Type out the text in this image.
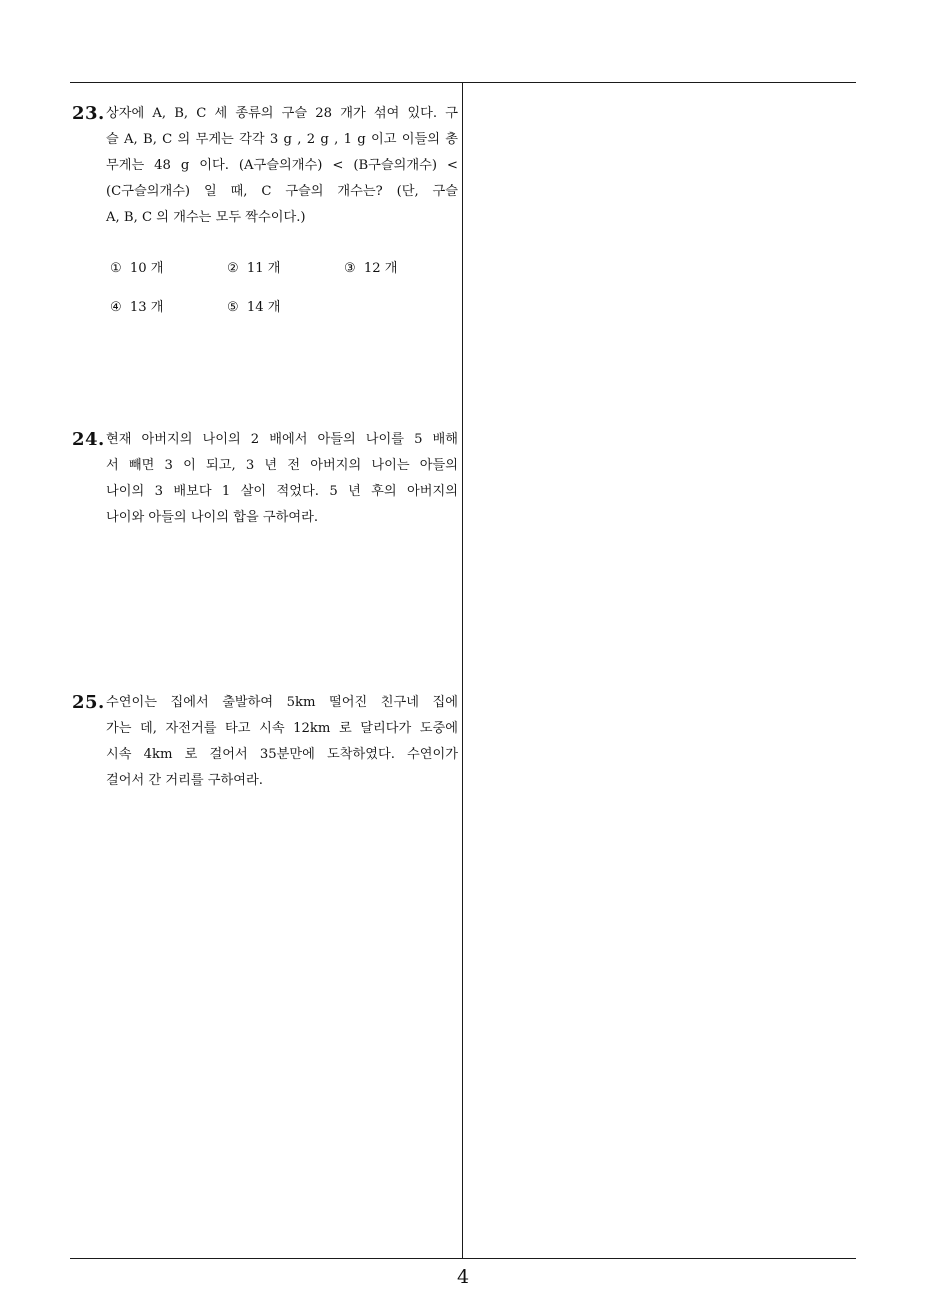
23. 상자에 A, B, C 세 종류의 구슬 28 개가 섞여 있다. 구
슬 A, B, C 의 무게는 각각 3 g , 2 g , 1 g 이고 이들의 총
무게는 48 g 이다. (A구슬의개수) < (B구슬의개수) <
(C구슬의개수) 일 때, C 구슬의 개수는? (단, 구슬
A, B, C 의 개수는 모두 짝수이다.)
① 10 개	② 11 개	③ 12 개
④ 13 개	⑤ 14 개
24. 현재 아버지의 나이의 2 배에서 아들의 나이를 5 배해
서 빼면 3 이 되고, 3 년 전 아버지의 나이는 아들의
나이의 3 배보다 1 살이 적었다. 5 년 후의 아버지의
나이와 아들의 나이의 합을 구하여라.
25. 수연이는 집에서 출발하여 5km 떨어진 친구네 집에
가는 데, 자전거를 타고 시속 12km 로 달리다가 도중에
시속 4km 로 걸어서 35분만에 도착하였다. 수연이가
걸어서 간 거리를 구하여라.
4
